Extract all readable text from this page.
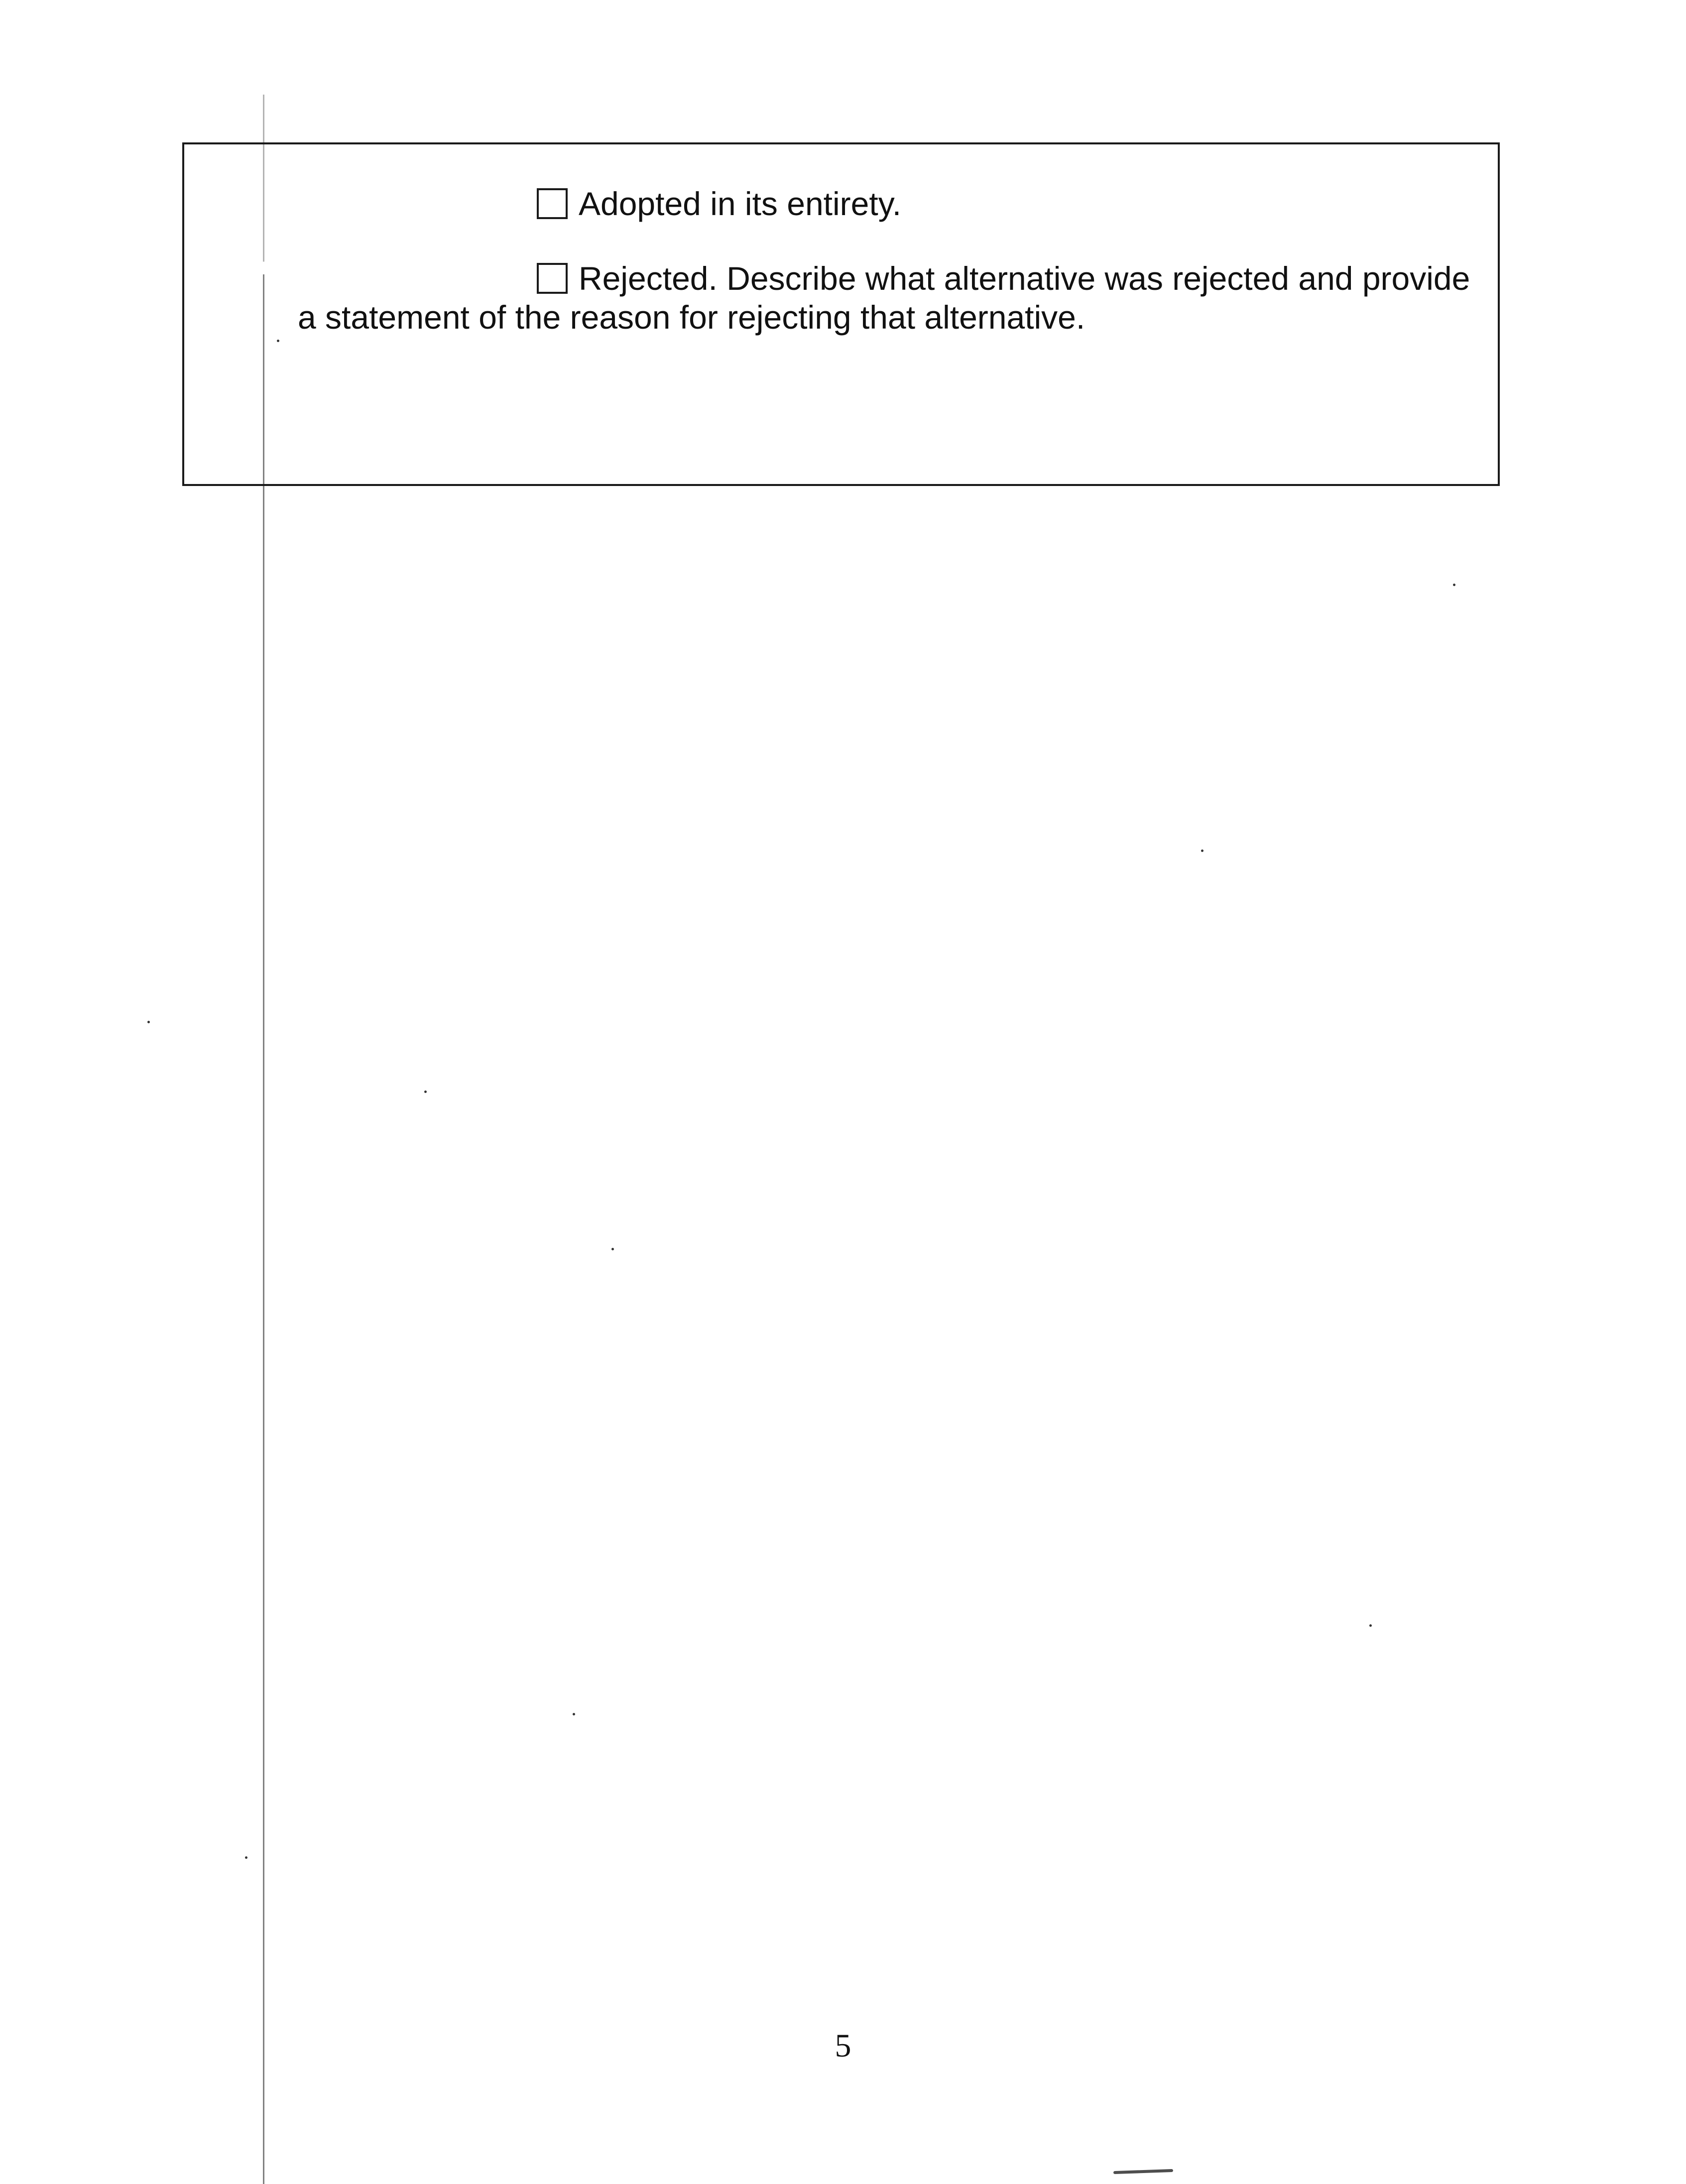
Adopted in its entirety.
Rejected. Describe what alternative was rejected and provide
a statement of the reason for rejecting that alternative.
5
